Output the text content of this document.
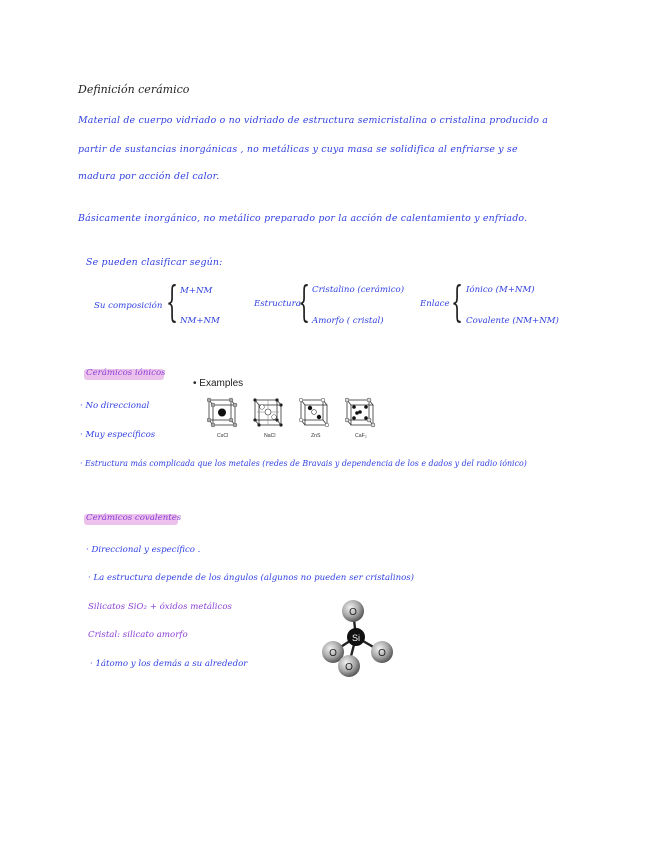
Definición cerámico
Material de cuerpo vidriado o no vidriado de estructura semicristalina o cristalina producido a
partir de sustancias inorgánicas , no metálicas y cuya masa se solidifica al enfriarse y se
madura por acción del calor.
Básicamente inorgánico, no metálico preparado por la acción de calentamiento y enfriado.
Se pueden clasificar según:
Su composición { M+NM
NM+NM
Estructura
{ Cristalino (cerámico)
Amorfo ( cristal)
Enlace { Iónico (M+NM)
Covalente (NM+NM)
Cerámicos iónicos
· No direccional
· Muy específicos
· Estructura más complicada que los metales (redes de Bravais y dependencia de los e dados y del radio iónico)
• Examples
CsCl	NaCl	ZnS	CaF₂
Cerámicos covalentes
· Direccional y específico .
· La estructura depende de los ángulos (algunos no pueden ser cristalinos)
Silicatos SiO₂ + óxidos metálicos
Cristal: silicato amorfo
· 1átomo y los demás a su alrededor
O
O	O
Si
O
